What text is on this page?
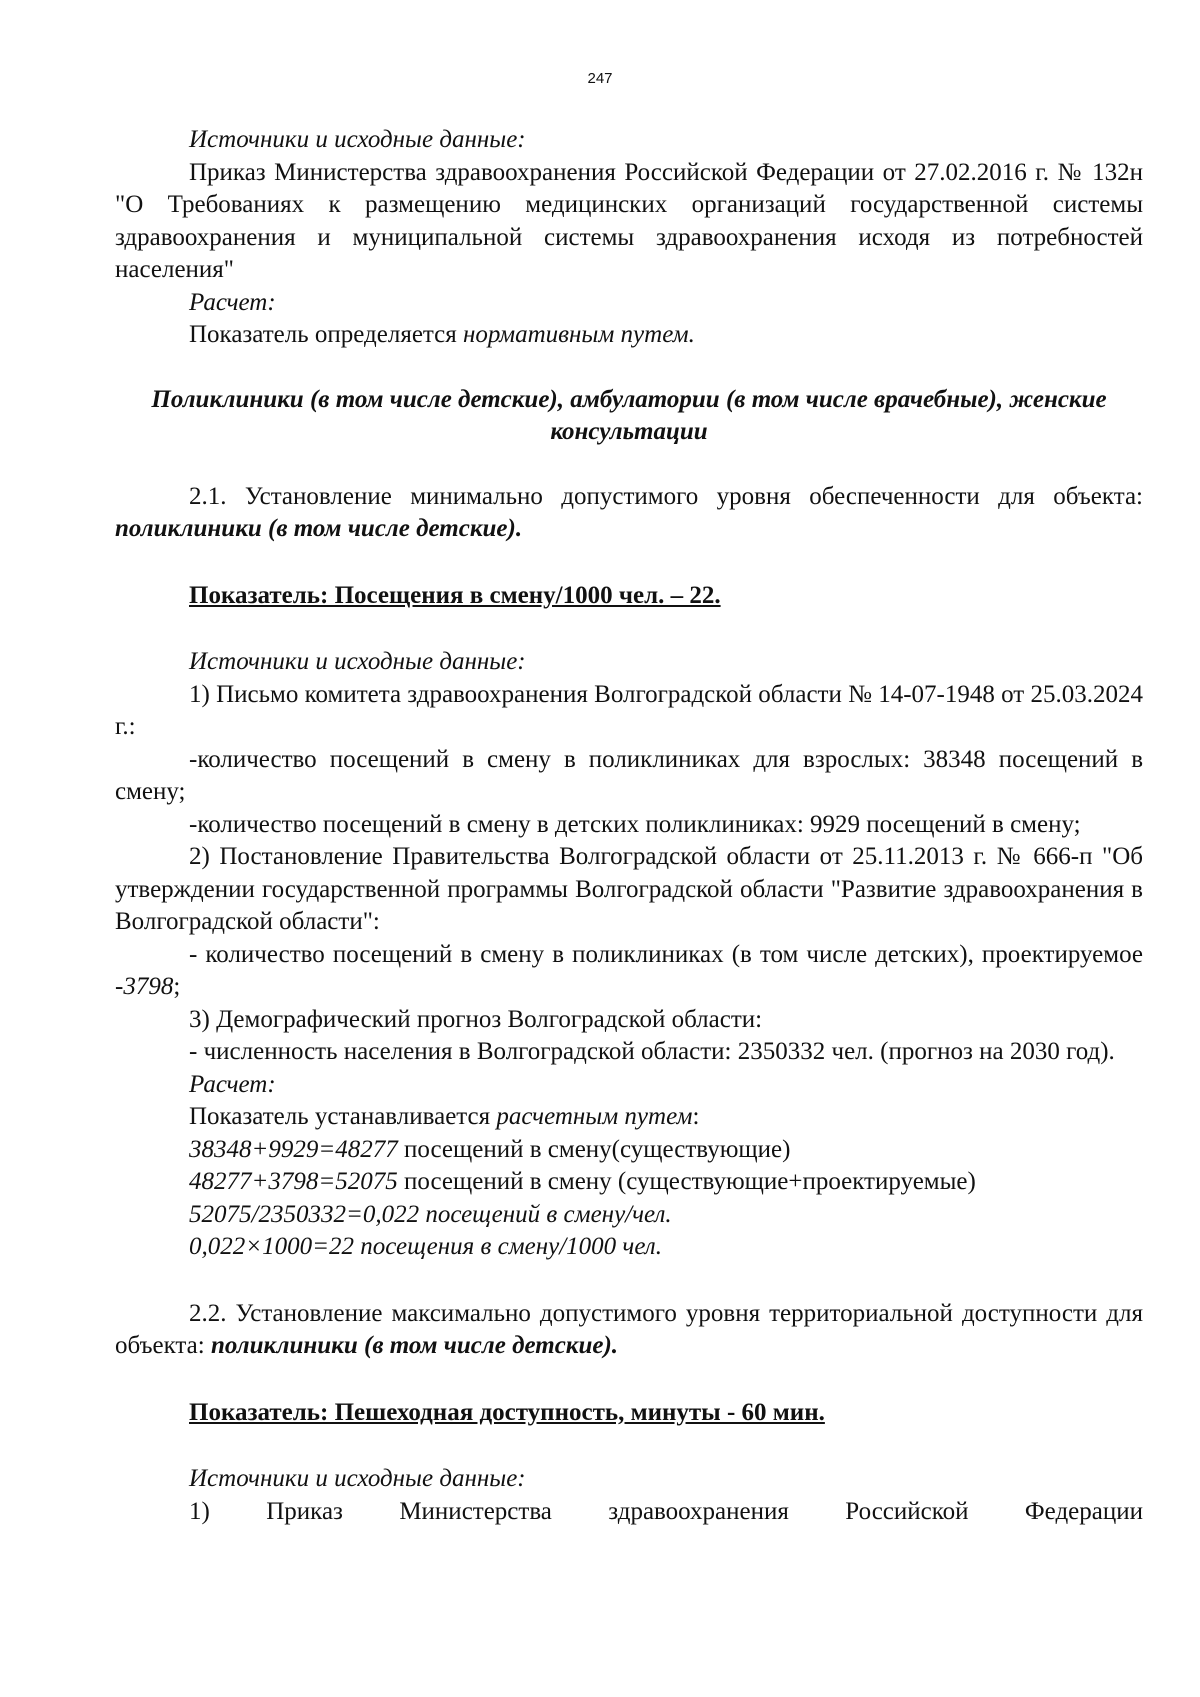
247

Источники и исходные данные:

Приказ Министерства здравоохранения Российской Федерации от 27.02.2016 г. № 132н "О Требованиях к размещению медицинских организаций государственной системы здравоохранения и муниципальной системы здравоохранения исходя из потребностей населения"

Расчет:

Показатель определяется нормативным путем.

Поликлиники (в том числе детские), амбулатории (в том числе врачебные), женские консультации

2.1. Установление минимально допустимого уровня обеспеченности для объекта: поликлиники (в том числе детские).

Показатель: Посещения в смену/1000 чел. – 22.

Источники и исходные данные:

1) Письмо комитета здравоохранения Волгоградской области № 14-07-1948 от 25.03.2024 г.:

-количество посещений в смену в поликлиниках для взрослых: 38348 посещений в смену;

-количество посещений в смену в детских поликлиниках: 9929 посещений в смену;

2) Постановление Правительства Волгоградской области от 25.11.2013 г. № 666-п "Об утверждении государственной программы Волгоградской области "Развитие здравоохранения в Волгоградской области":

- количество посещений в смену в поликлиниках (в том числе детских), проектируемое -3798;

3) Демографический прогноз Волгоградской области:

- численность населения в Волгоградской области: 2350332 чел. (прогноз на 2030 год).

Расчет:

Показатель устанавливается расчетным путем:

38348+9929=48277 посещений в смену(существующие)

48277+3798=52075 посещений в смену (существующие+проектируемые)

52075/2350332=0,022 посещений в смену/чел.

0,022×1000=22 посещения в смену/1000 чел.

2.2. Установление максимально допустимого уровня территориальной доступности для объекта: поликлиники (в том числе детские).

Показатель: Пешеходная доступность, минуты - 60 мин.

Источники и исходные данные:

1) Приказ Министерства здравоохранения Российской Федерации
